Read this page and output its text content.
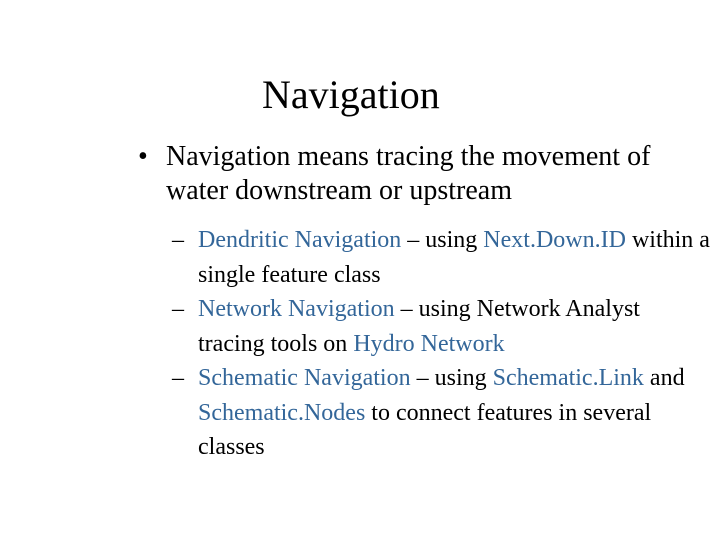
Navigation
• Navigation means tracing the movement of water downstream or upstream
– Dendritic Navigation – using Next.Down.ID within a single feature class
– Network Navigation – using Network Analyst tracing tools on Hydro Network
– Schematic Navigation – using Schematic.Link and Schematic.Nodes to connect features in several classes
